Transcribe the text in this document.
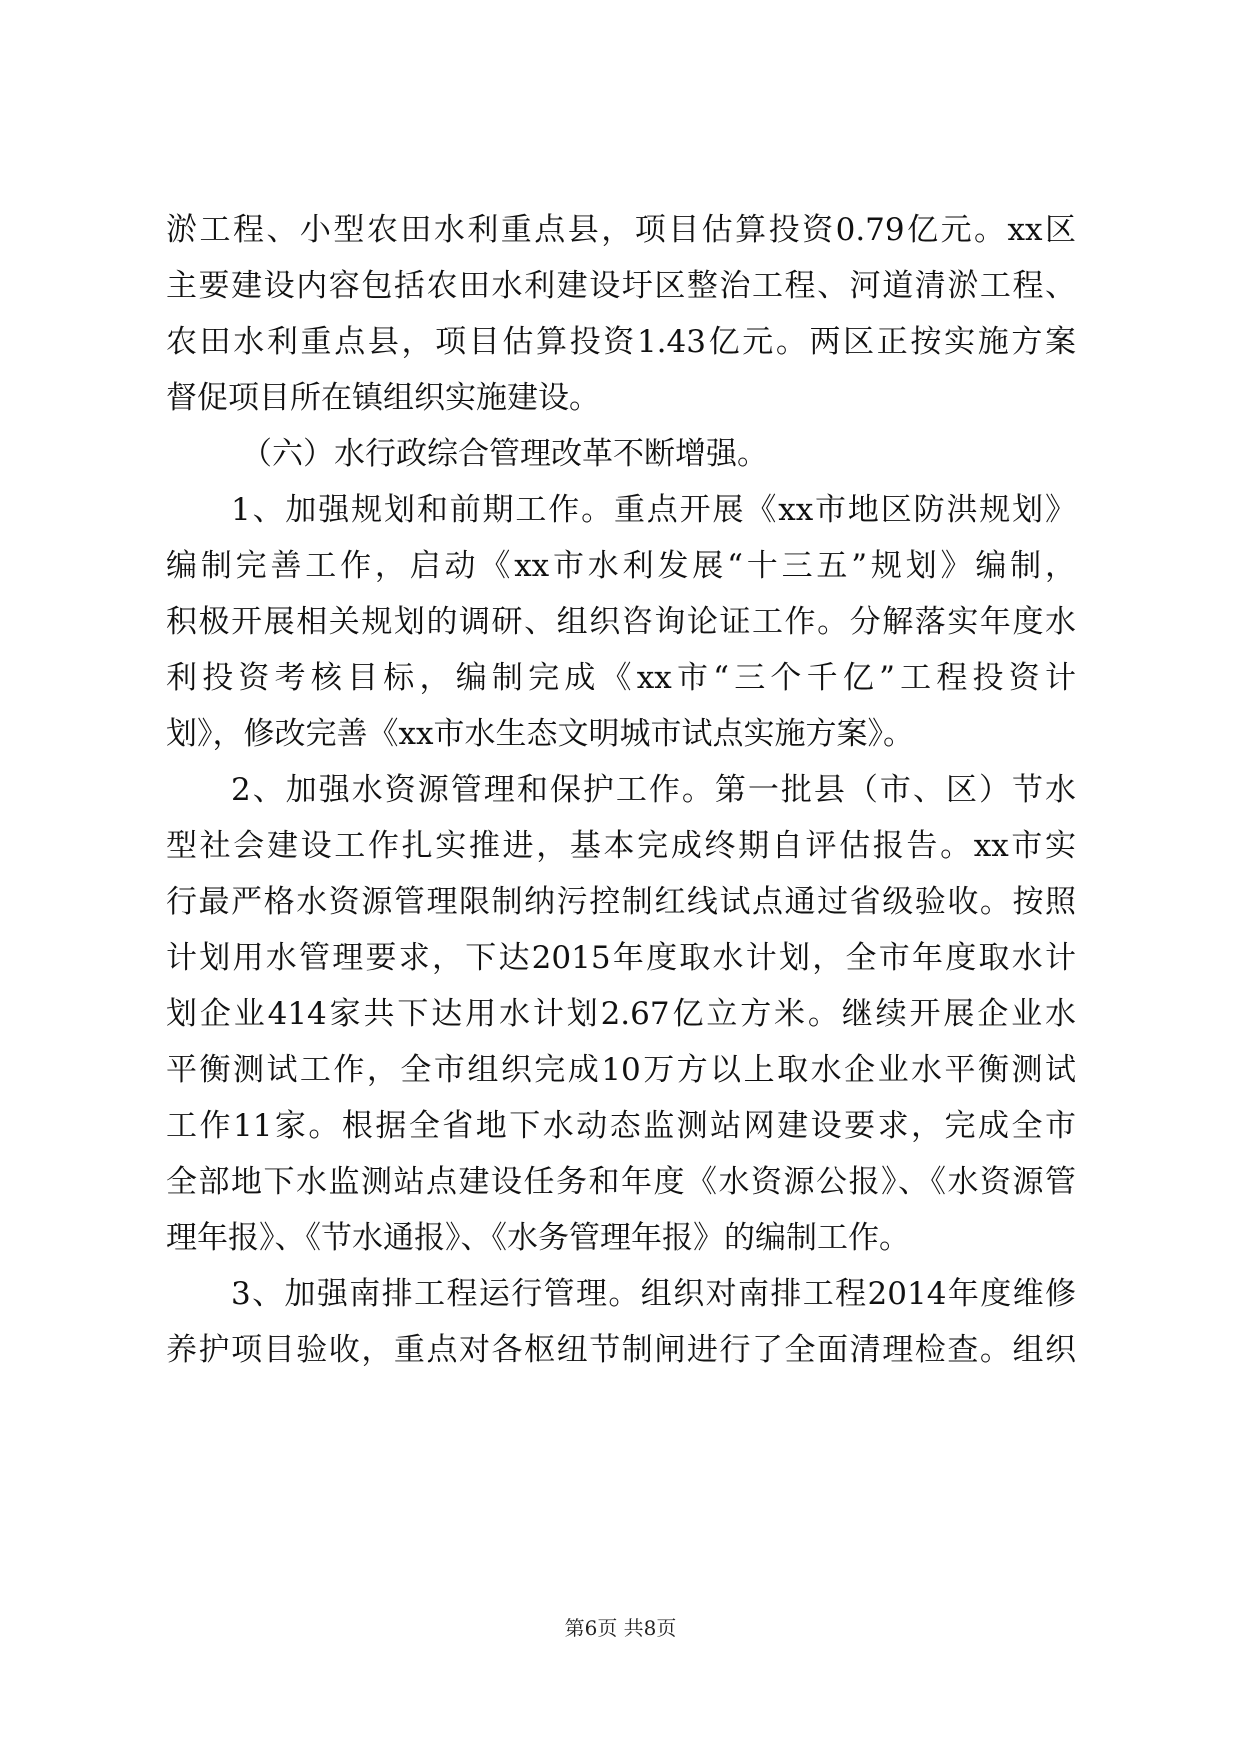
淤工程、小型农田水利重点县，项目估算投资0.79亿元。xx区
主要建设内容包括农田水利建设圩区整治工程、河道清淤工程、
农田水利重点县，项目估算投资1.43亿元。两区正按实施方案
督促项目所在镇组织实施建设。
（六）水行政综合管理改革不断增强。
1、加强规划和前期工作。重点开展《xx市地区防洪规划》
编制完善工作，启动《xx市水利发展“十三五”规划》编制，
积极开展相关规划的调研、组织咨询论证工作。分解落实年度水
利投资考核目标，编制完成《xx市“三个千亿”工程投资计
划》，修改完善《xx市水生态文明城市试点实施方案》。
2、加强水资源管理和保护工作。第一批县（市、区）节水
型社会建设工作扎实推进，基本完成终期自评估报告。xx市实
行最严格水资源管理限制纳污控制红线试点通过省级验收。按照
计划用水管理要求，下达2015年度取水计划，全市年度取水计
划企业414家共下达用水计划2.67亿立方米。继续开展企业水
平衡测试工作，全市组织完成10万方以上取水企业水平衡测试
工作11家。根据全省地下水动态监测站网建设要求，完成全市
全部地下水监测站点建设任务和年度《水资源公报》、《水资源管
理年报》、《节水通报》、《水务管理年报》的编制工作。
3、加强南排工程运行管理。组织对南排工程2014年度维修
养护项目验收，重点对各枢纽节制闸进行了全面清理检查。组织
第6页 共8页
